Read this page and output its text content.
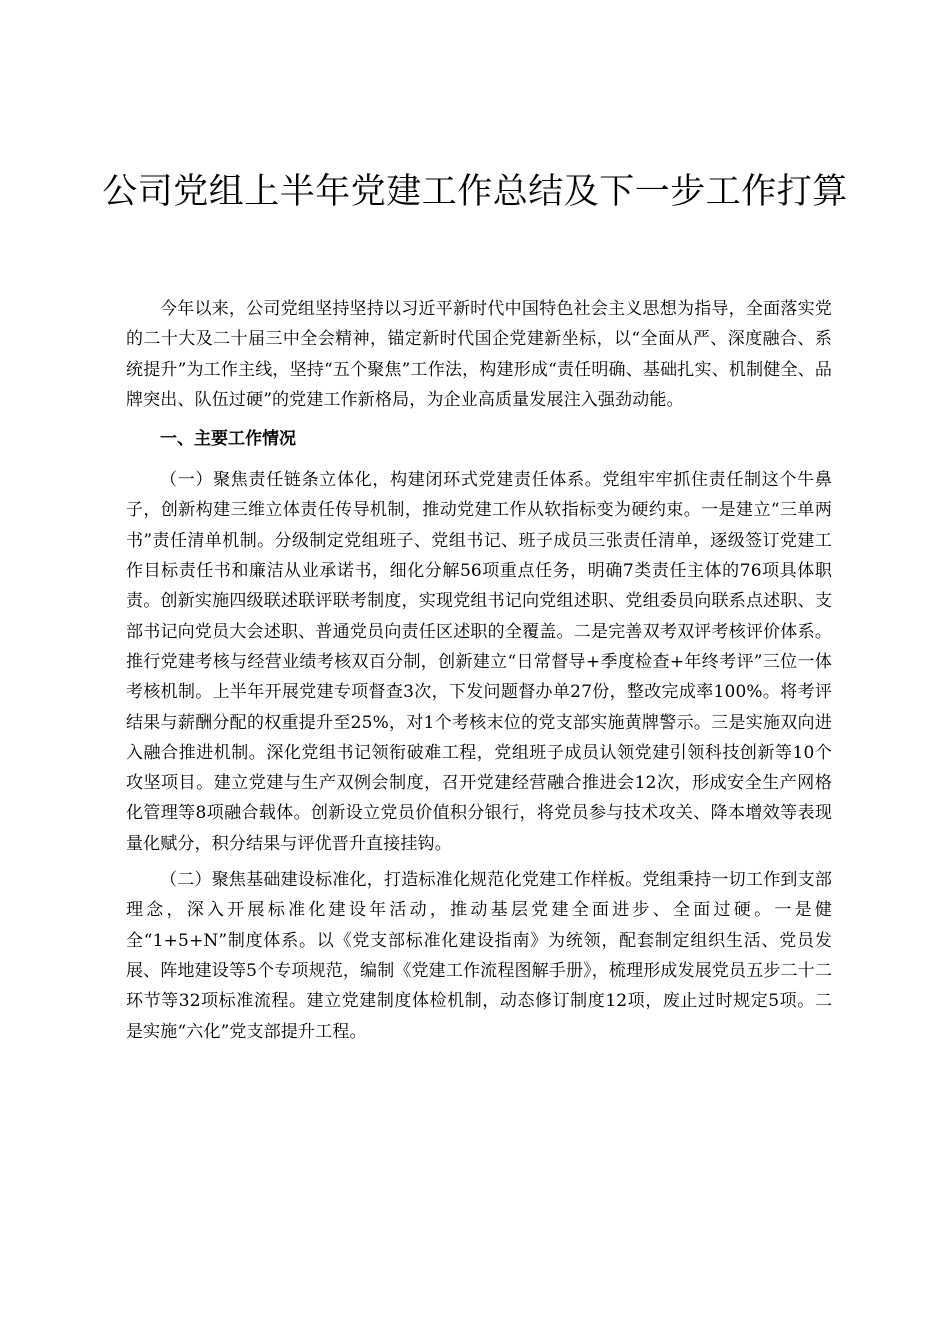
公司党组上半年党建工作总结及下一步工作打算

今年以来，公司党组坚持坚持以习近平新时代中国特色社会主义思想为指导，全面落实党的二十大及二十届三中全会精神，锚定新时代国企党建新坐标，以“全面从严、深度融合、系统提升”为工作主线，坚持“五个聚焦”工作法，构建形成“责任明确、基础扎实、机制健全、品牌突出、队伍过硬”的党建工作新格局，为企业高质量发展注入强劲动能。

一、主要工作情况

（一）聚焦责任链条立体化，构建闭环式党建责任体系。党组牢牢抓住责任制这个牛鼻子，创新构建三维立体责任传导机制，推动党建工作从软指标变为硬约束。一是建立“三单两书”责任清单机制。分级制定党组班子、党组书记、班子成员三张责任清单，逐级签订党建工作目标责任书和廉洁从业承诺书，细化分解56项重点任务，明确7类责任主体的76项具体职责。创新实施四级联述联评联考制度，实现党组书记向党组述职、党组委员向联系点述职、支部书记向党员大会述职、普通党员向责任区述职的全覆盖。二是完善双考双评考核评价体系。推行党建考核与经营业绩考核双百分制，创新建立“日常督导+季度检查+年终考评”三位一体考核机制。上半年开展党建专项督查3次，下发问题督办单27份，整改完成率100%。将考评结果与薪酬分配的权重提升至25%，对1个考核末位的党支部实施黄牌警示。三是实施双向进入融合推进机制。深化党组书记领衔破难工程，党组班子成员认领党建引领科技创新等10个攻坚项目。建立党建与生产双例会制度，召开党建经营融合推进会12次，形成安全生产网格化管理等8项融合载体。创新设立党员价值积分银行，将党员参与技术攻关、降本增效等表现量化赋分，积分结果与评优晋升直接挂钩。

（二）聚焦基础建设标准化，打造标准化规范化党建工作样板。党组秉持一切工作到支部理念，深入开展标准化建设年活动，推动基层党建全面进步、全面过硬。一是健全“1+5+N”制度体系。以《党支部标准化建设指南》为统领，配套制定组织生活、党员发展、阵地建设等5个专项规范，编制《党建工作流程图解手册》，梳理形成发展党员五步二十二环节等32项标准流程。建立党建制度体检机制，动态修订制度12项，废止过时规定5项。二是实施“六化”党支部提升工程。
